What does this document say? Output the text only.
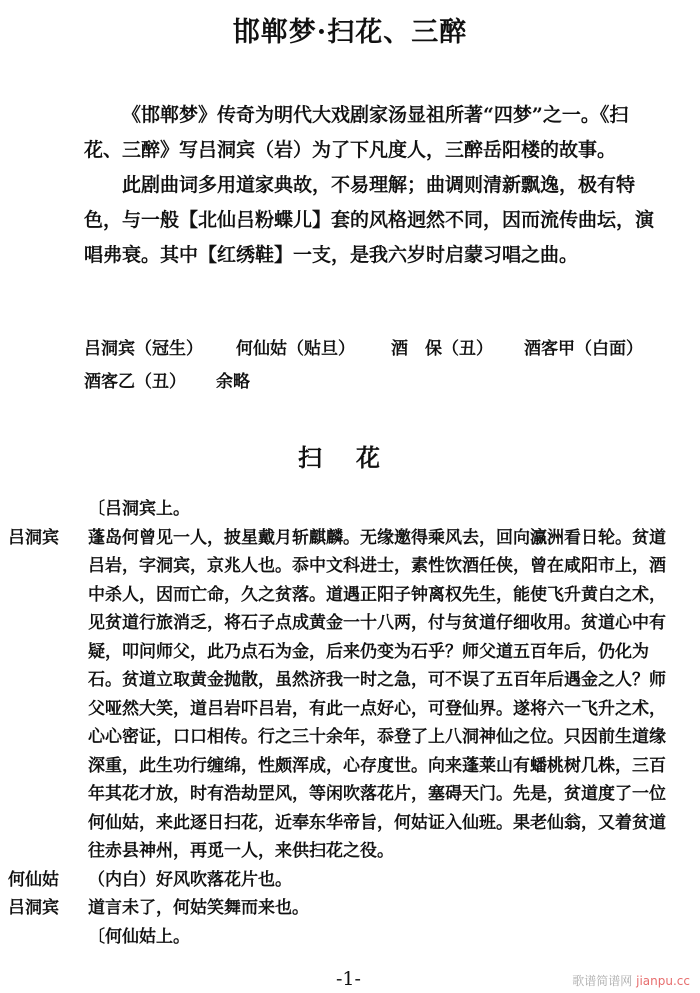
邯郸梦·扫花、三醉

《邯郸梦》传奇为明代大戏剧家汤显祖所著“四梦”之一。《扫花、三醉》写吕洞宾（岩）为了下凡度人，三醉岳阳楼的故事。

此剧曲词多用道家典故，不易理解；曲调则清新飘逸，极有特色，与一般【北仙吕粉蝶儿】套的风格迥然不同，因而流传曲坛，演唱弗衰。其中【红绣鞋】一支，是我六岁时启蒙习唱之曲。

吕洞宾（冠生） 何仙姑（贴旦） 酒　保（丑） 酒客甲（白面）
酒客乙（丑） 余略
扫花
〔吕洞宾上。
吕洞宾 蓬岛何曾见一人，披星戴月斩麒麟。无缘邀得乘风去，回向瀛洲看日轮。贫道吕岩，字洞宾，京兆人也。忝中文科进士，素性饮酒任侠，曾在咸阳市上，酒中杀人，因而亡命，久之贫落。道遇正阳子钟离权先生，能使飞升黄白之术，见贫道行旅消乏，将石子点成黄金一十八两，付与贫道仔细收用。贫道心中有疑，叩问师父，此乃点石为金，后来仍变为石乎？师父道五百年后，仍化为石。贫道立取黄金抛散，虽然济我一时之急，可不误了五百年后遇金之人？师父哑然大笑，道吕岩吓吕岩，有此一点好心，可登仙界。遂将六一飞升之术，心心密证，口口相传。行之三十余年，忝登了上八洞神仙之位。只因前生道缘深重，此生功行缠绵，性颇浑成，心存度世。向来蓬莱山有蟠桃树几株，三百年其花才放，时有浩劫罡风，等闲吹落花片，塞碍天门。先是，贫道度了一位何仙姑，来此逐日扫花，近奉东华帝旨，何姑证入仙班。果老仙翁，又着贫道往赤县神州，再觅一人，来供扫花之役。
何仙姑 （内白）好风吹落花片也。
吕洞宾 道言未了，何姑笑舞而来也。
〔何仙姑上。
-1-	歌谱简谱网 jianpu.cc
